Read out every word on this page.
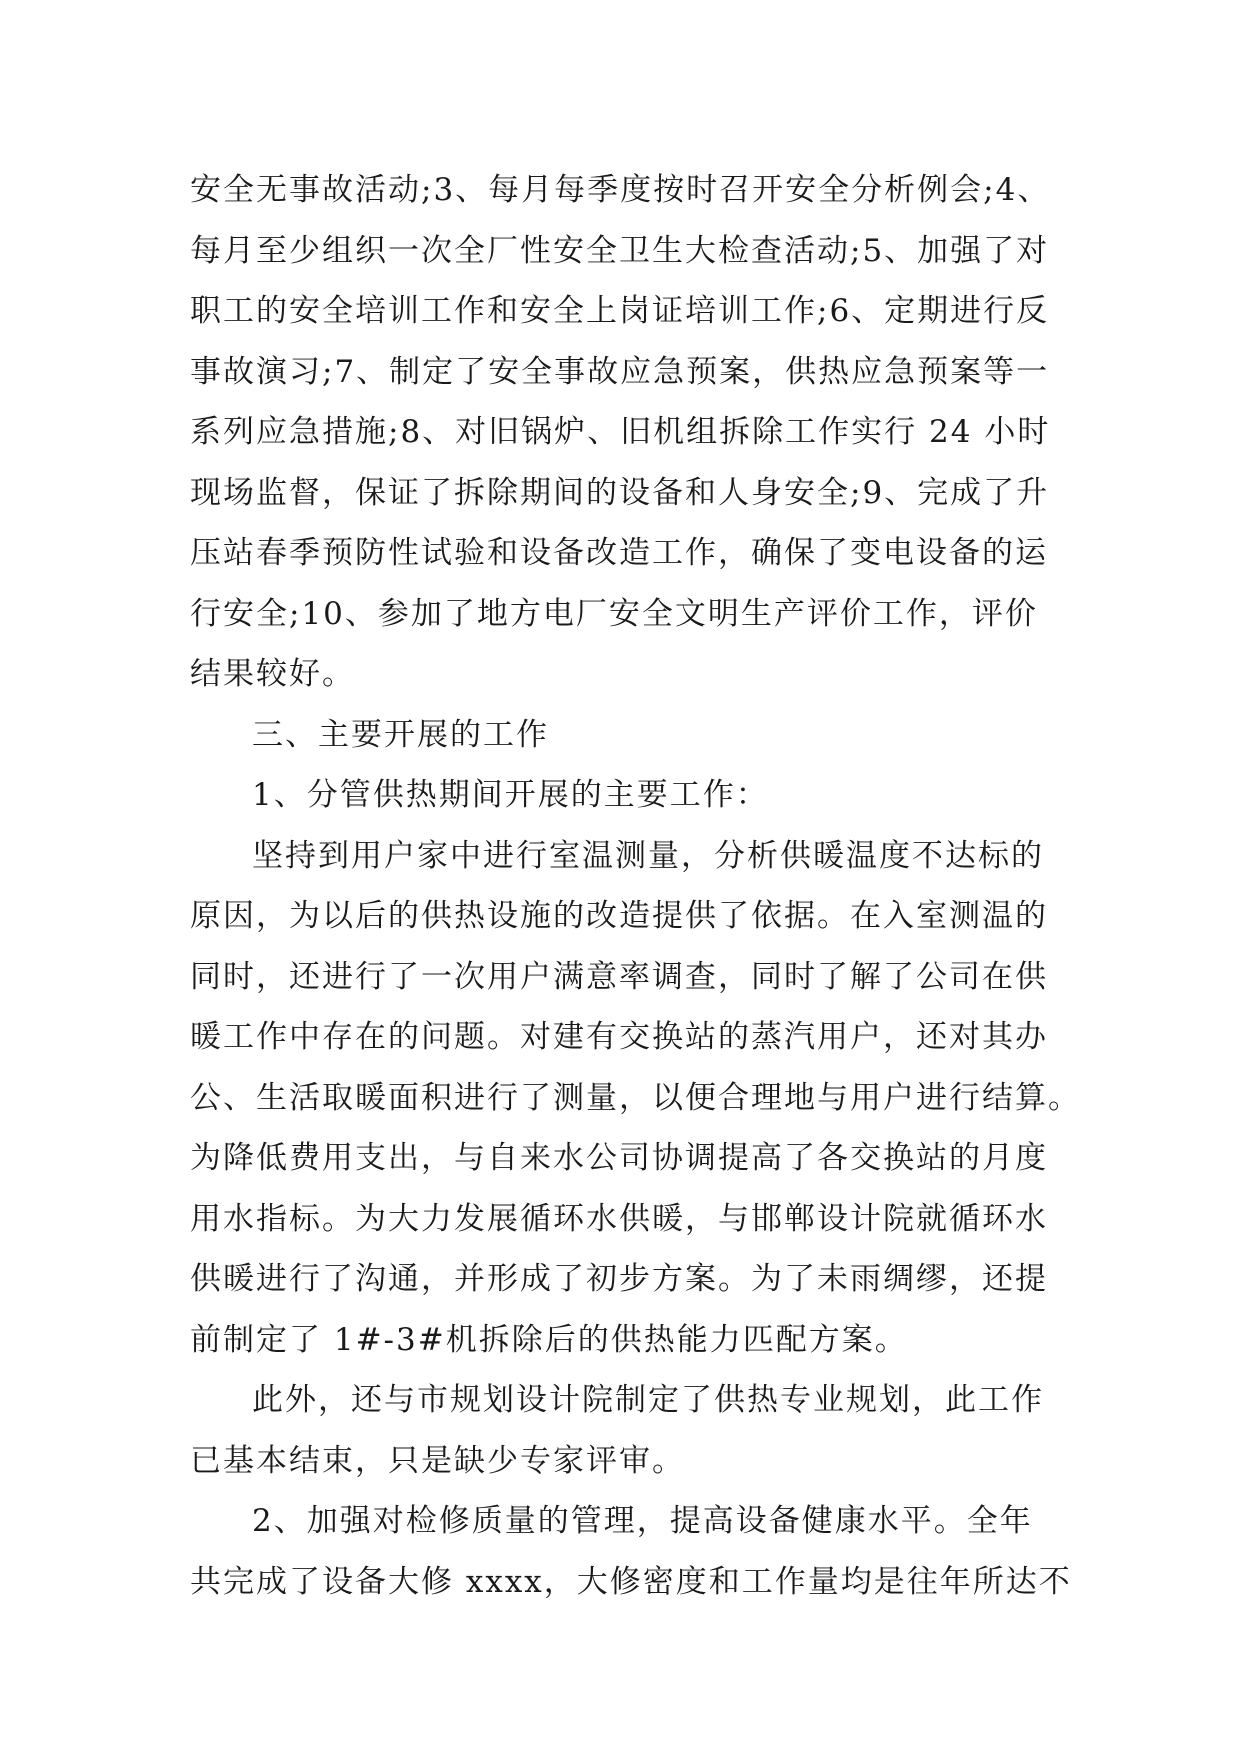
安全无事故活动;3、每月每季度按时召开安全分析例会;4、
每月至少组织一次全厂性安全卫生大检查活动;5、加强了对
职工的安全培训工作和安全上岗证培训工作;6、定期进行反
事故演习;7、制定了安全事故应急预案，供热应急预案等一
系列应急措施;8、对旧锅炉、旧机组拆除工作实行 24 小时
现场监督，保证了拆除期间的设备和人身安全;9、完成了升
压站春季预防性试验和设备改造工作，确保了变电设备的运
行安全;10、参加了地方电厂安全文明生产评价工作，评价
结果较好。
三、主要开展的工作
1、分管供热期间开展的主要工作：
坚持到用户家中进行室温测量，分析供暖温度不达标的
原因，为以后的供热设施的改造提供了依据。在入室测温的
同时，还进行了一次用户满意率调查，同时了解了公司在供
暖工作中存在的问题。对建有交换站的蒸汽用户，还对其办
公、生活取暖面积进行了测量，以便合理地与用户进行结算。
为降低费用支出，与自来水公司协调提高了各交换站的月度
用水指标。为大力发展循环水供暖，与邯郸设计院就循环水
供暖进行了沟通，并形成了初步方案。为了未雨绸缪，还提
前制定了 1#-3#机拆除后的供热能力匹配方案。
此外，还与市规划设计院制定了供热专业规划，此工作
已基本结束，只是缺少专家评审。
2、加强对检修质量的管理，提高设备健康水平。全年
共完成了设备大修 xxxx，大修密度和工作量均是往年所达不
